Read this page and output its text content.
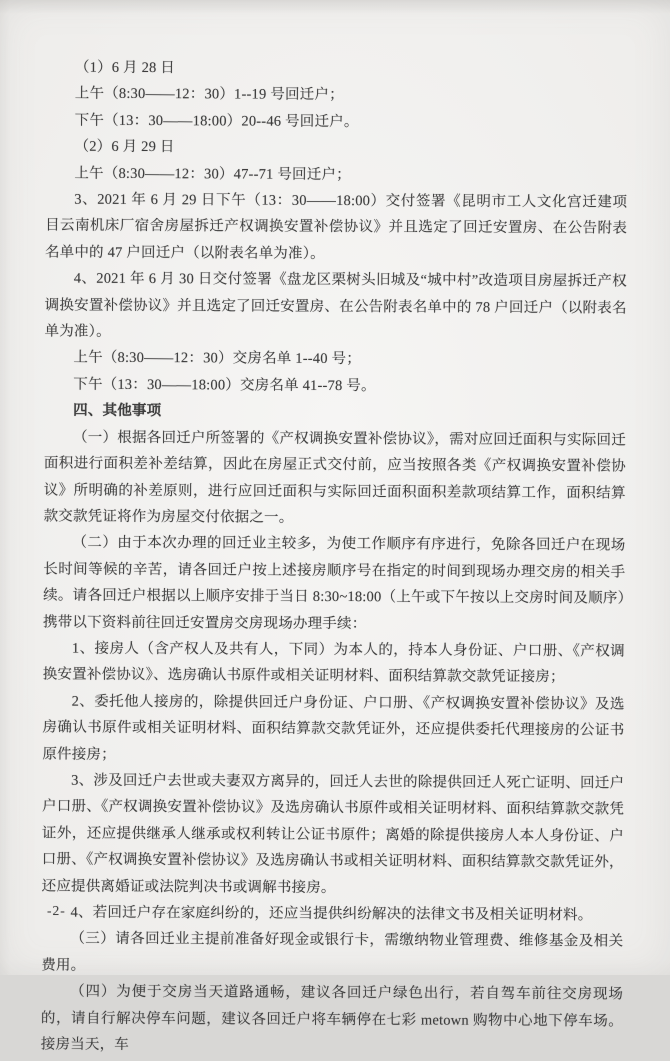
（1）6 月 28 日

上午（8:30——12：30）1--19 号回迁户；

下午（13：30——18:00）20--46 号回迁户。

（2）6 月 29 日

上午（8:30——12：30）47--71 号回迁户；

3、2021 年 6 月 29 日下午（13：30——18:00）交付签署《昆明市工人文化宫迁建项目云南机床厂宿舍房屋拆迁产权调换安置补偿协议》并且选定了回迁安置房、在公告附表名单中的 47 户回迁户（以附表名单为准）。

4、2021 年 6 月 30 日交付签署《盘龙区栗树头旧城及“城中村”改造项目房屋拆迁产权调换安置补偿协议》并且选定了回迁安置房、在公告附表名单中的 78 户回迁户（以附表名单为准）。

上午（8:30——12：30）交房名单 1--40 号；

下午（13：30——18:00）交房名单 41--78 号。

四、其他事项

（一）根据各回迁户所签署的《产权调换安置补偿协议》，需对应回迁面积与实际回迁面积进行面积差补差结算，因此在房屋正式交付前，应当按照各类《产权调换安置补偿协议》所明确的补差原则，进行应回迁面积与实际回迁面积面积差款项结算工作，面积结算款交款凭证将作为房屋交付依据之一。

（二）由于本次办理的回迁业主较多，为使工作顺序有序进行，免除各回迁户在现场长时间等候的辛苦，请各回迁户按上述接房顺序号在指定的时间到现场办理交房的相关手续。请各回迁户根据以上顺序安排于当日 8:30~18:00（上午或下午按以上交房时间及顺序）携带以下资料前往回迁安置房交房现场办理手续：

1、接房人（含产权人及共有人，下同）为本人的，持本人身份证、户口册、《产权调换安置补偿协议》、选房确认书原件或相关证明材料、面积结算款交款凭证接房；

2、委托他人接房的，除提供回迁户身份证、户口册、《产权调换安置补偿协议》及选房确认书原件或相关证明材料、面积结算款交款凭证外，还应提供委托代理接房的公证书原件接房；

3、涉及回迁户去世或夫妻双方离异的，回迁人去世的除提供回迁人死亡证明、回迁户户口册、《产权调换安置补偿协议》及选房确认书原件或相关证明材料、面积结算款交款凭证外，还应提供继承人继承或权利转让公证书原件；离婚的除提供接房人本人身份证、户口册、《产权调换安置补偿协议》及选房确认书或相关证明材料、面积结算款交款凭证外，还应提供离婚证或法院判决书或调解书接房。

4、若回迁户存在家庭纠纷的，还应当提供纠纷解决的法律文书及相关证明材料。

（三）请各回迁业主提前准备好现金或银行卡，需缴纳物业管理费、维修基金及相关费用。

（四）为便于交房当天道路通畅，建议各回迁户绿色出行，若自驾车前往交房现场的，请自行解决停车问题，建议各回迁户将车辆停在七彩 metown 购物中心地下停车场。接房当天，车

-2-
